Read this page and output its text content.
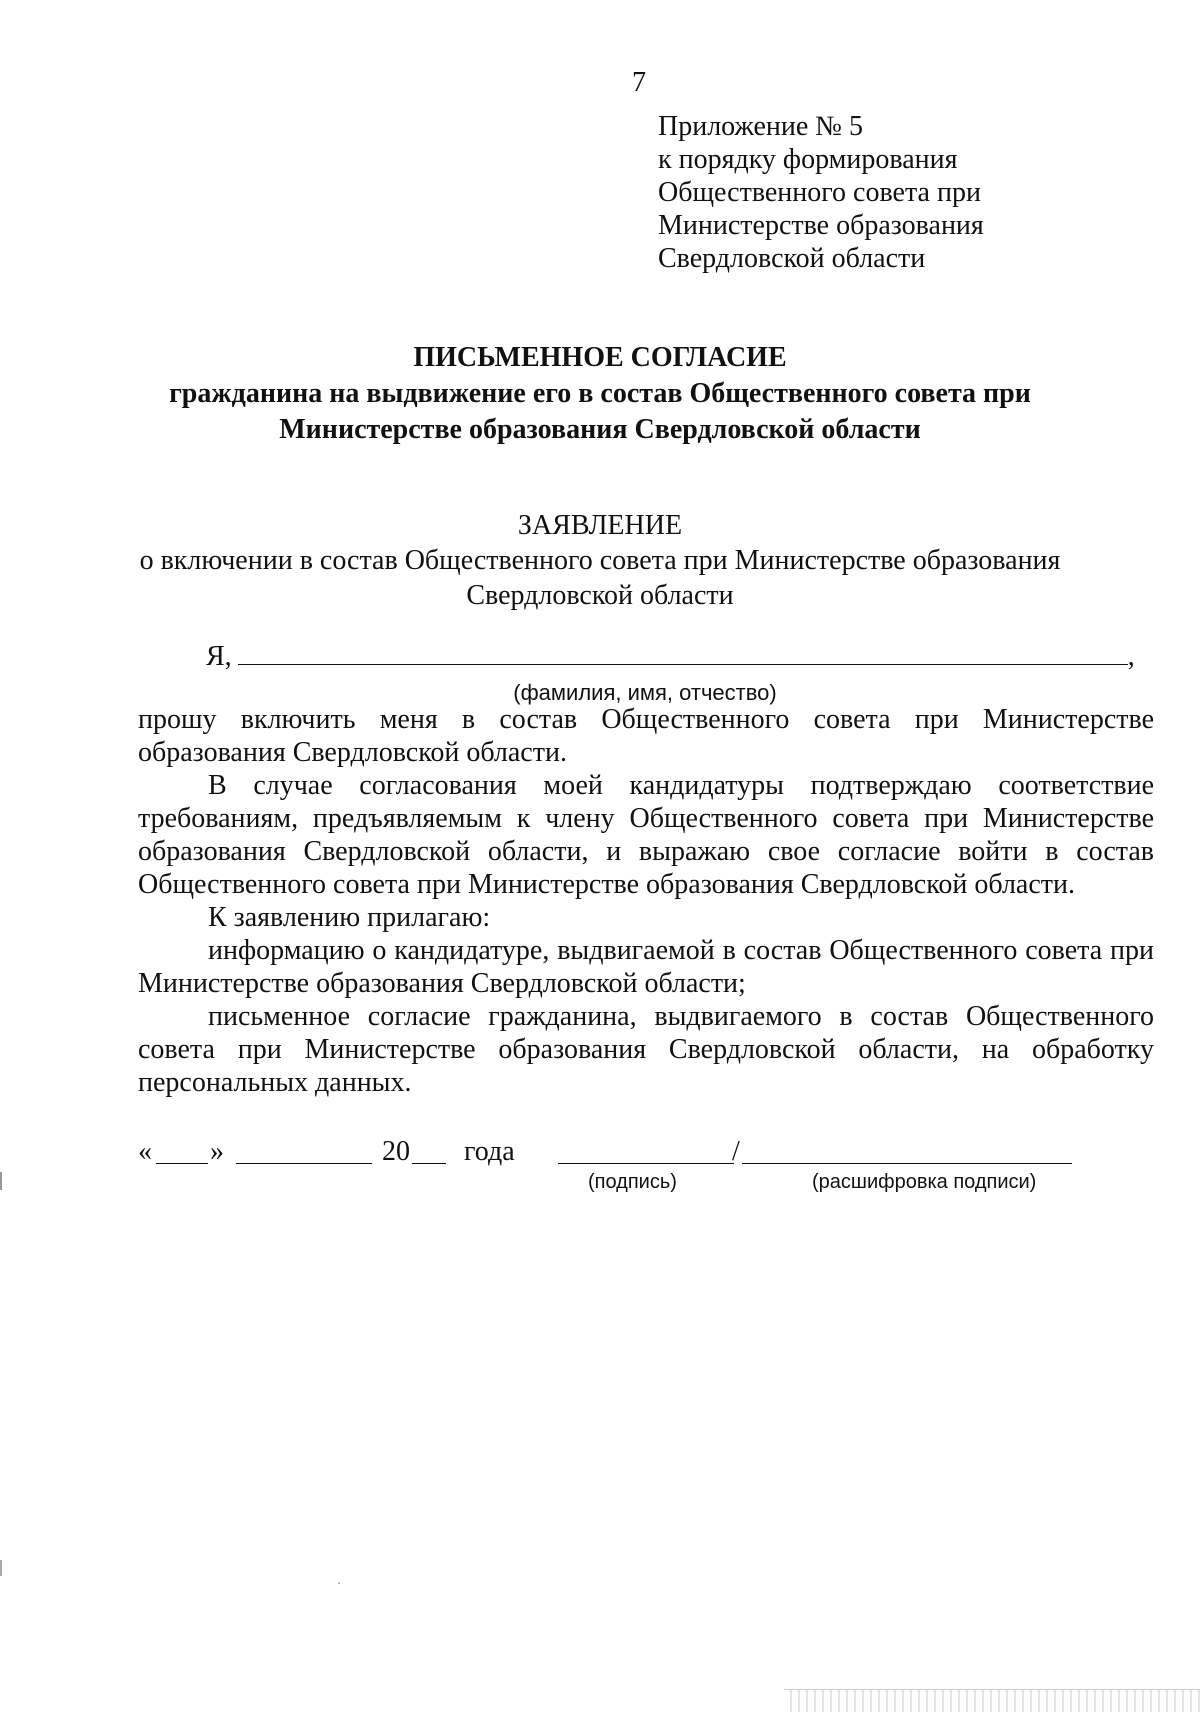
7
Приложение № 5
к порядку формирования
Общественного совета при
Министерстве образования
Свердловской области
ПИСЬМЕННОЕ СОГЛАСИЕ
гражданина на выдвижение его в состав Общественного совета при
Министерстве образования Свердловской области
ЗАЯВЛЕНИЕ
о включении в состав Общественного совета при Министерстве образования
Свердловской области
Я,	,
(фамилия, имя, отчество)

прошу включить меня в состав Общественного совета при Министерстве образования Свердловской области.

В случае согласования моей кандидатуры подтверждаю соответствие требованиям, предъявляемым к члену Общественного совета при Министерстве образования Свердловской области, и выражаю свое согласие войти в состав Общественного совета при Министерстве образования Свердловской области.

К заявлению прилагаю:

информацию о кандидатуре, выдвигаемой в состав Общественного совета при Министерстве образования Свердловской области;

письменное согласие гражданина, выдвигаемого в состав Общественного совета при Министерстве образования Свердловской области, на обработку персональных данных.

« »	20 года	/
(подпись)	(расшифровка подписи)
